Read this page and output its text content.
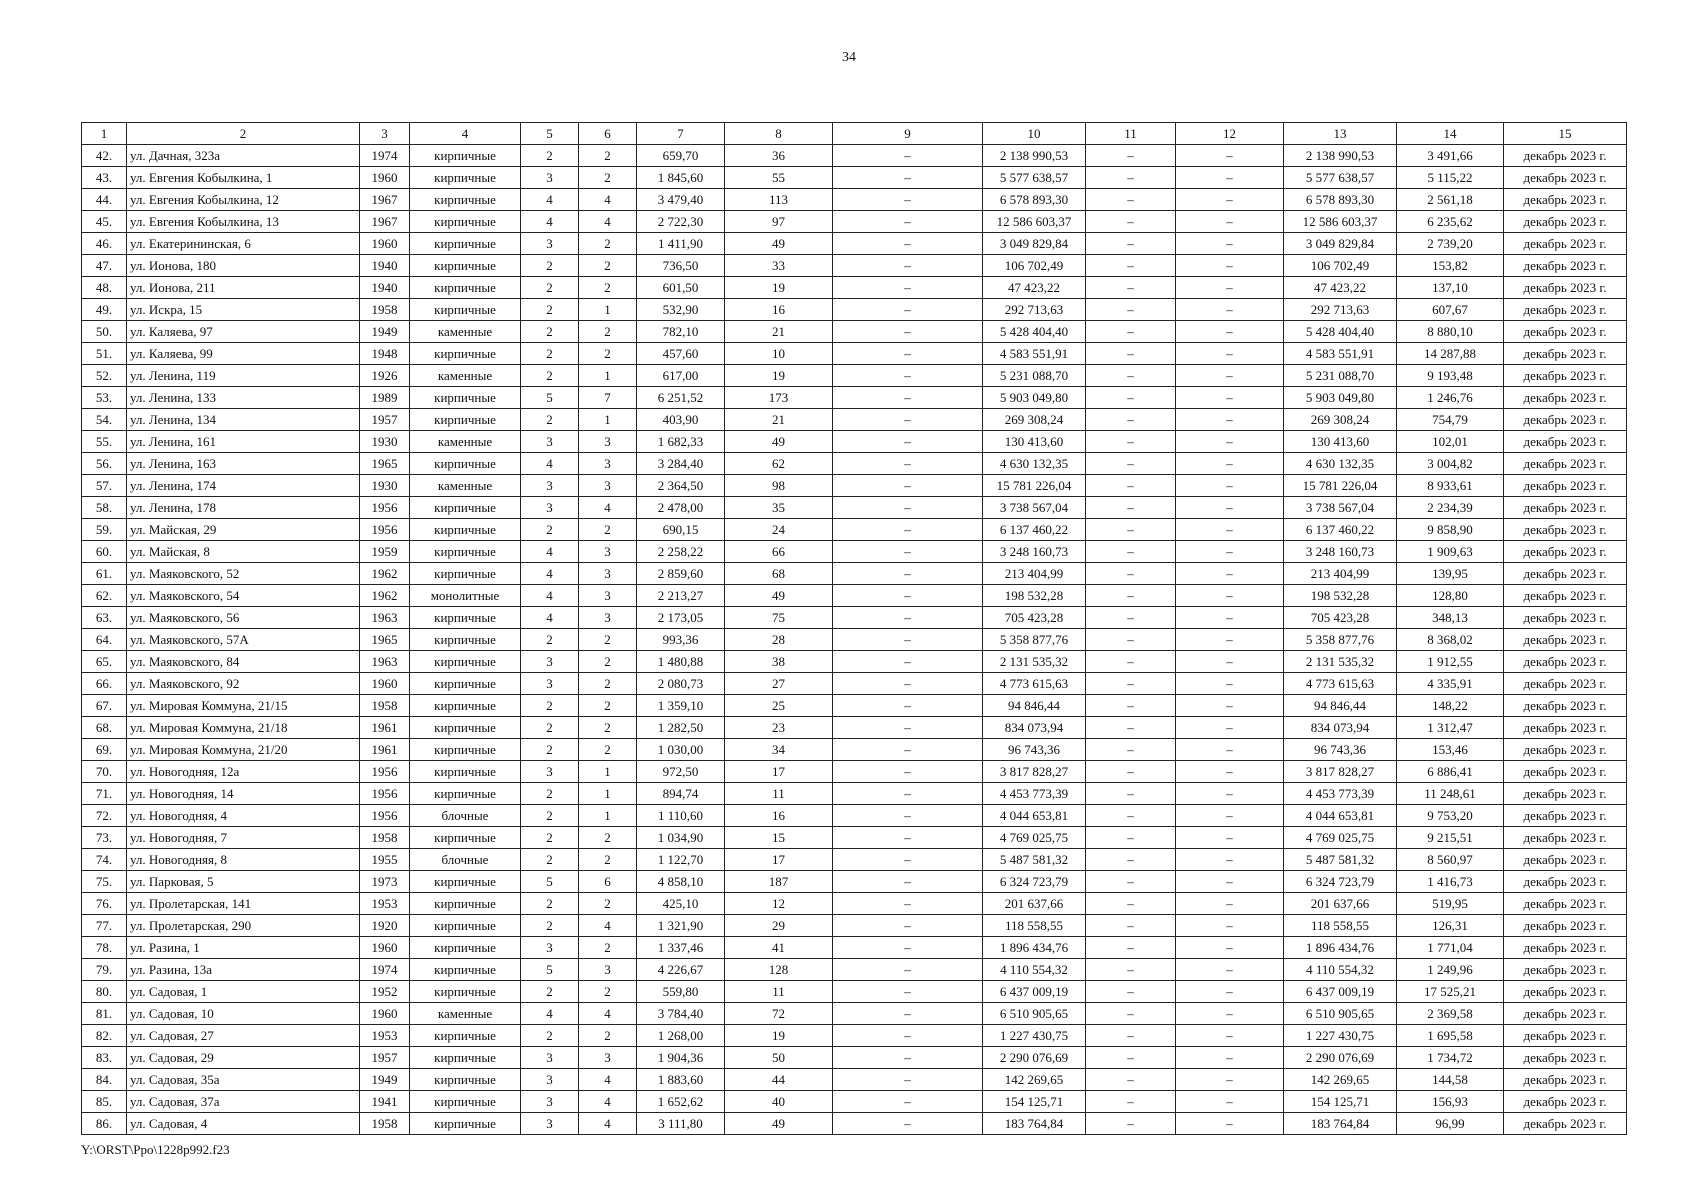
34
1	2	3	4	5	6	7	8	9	10	11	12	13	14	15
42.	ул. Дачная, 323а	1974	кирпичные	2	2	659,70	36	–	2 138 990,53	–	–	2 138 990,53	3 491,66	декабрь 2023 г.
43.	ул. Евгения Кобылкина, 1	1960	кирпичные	3	2	1 845,60	55	–	5 577 638,57	–	–	5 577 638,57	5 115,22	декабрь 2023 г.
44.	ул. Евгения Кобылкина, 12	1967	кирпичные	4	4	3 479,40	113	–	6 578 893,30	–	–	6 578 893,30	2 561,18	декабрь 2023 г.
45.	ул. Евгения Кобылкина, 13	1967	кирпичные	4	4	2 722,30	97	–	12 586 603,37	–	–	12 586 603,37	6 235,62	декабрь 2023 г.
46.	ул. Екатерининская, 6	1960	кирпичные	3	2	1 411,90	49	–	3 049 829,84	–	–	3 049 829,84	2 739,20	декабрь 2023 г.
47.	ул. Ионова, 180	1940	кирпичные	2	2	736,50	33	–	106 702,49	–	–	106 702,49	153,82	декабрь 2023 г.
48.	ул. Ионова, 211	1940	кирпичные	2	2	601,50	19	–	47 423,22	–	–	47 423,22	137,10	декабрь 2023 г.
49.	ул. Искра, 15	1958	кирпичные	2	1	532,90	16	–	292 713,63	–	–	292 713,63	607,67	декабрь 2023 г.
50.	ул. Каляева, 97	1949	каменные	2	2	782,10	21	–	5 428 404,40	–	–	5 428 404,40	8 880,10	декабрь 2023 г.
51.	ул. Каляева, 99	1948	кирпичные	2	2	457,60	10	–	4 583 551,91	–	–	4 583 551,91	14 287,88	декабрь 2023 г.
52.	ул. Ленина, 119	1926	каменные	2	1	617,00	19	–	5 231 088,70	–	–	5 231 088,70	9 193,48	декабрь 2023 г.
53.	ул. Ленина, 133	1989	кирпичные	5	7	6 251,52	173	–	5 903 049,80	–	–	5 903 049,80	1 246,76	декабрь 2023 г.
54.	ул. Ленина, 134	1957	кирпичные	2	1	403,90	21	–	269 308,24	–	–	269 308,24	754,79	декабрь 2023 г.
55.	ул. Ленина, 161	1930	каменные	3	3	1 682,33	49	–	130 413,60	–	–	130 413,60	102,01	декабрь 2023 г.
56.	ул. Ленина, 163	1965	кирпичные	4	3	3 284,40	62	–	4 630 132,35	–	–	4 630 132,35	3 004,82	декабрь 2023 г.
57.	ул. Ленина, 174	1930	каменные	3	3	2 364,50	98	–	15 781 226,04	–	–	15 781 226,04	8 933,61	декабрь 2023 г.
58.	ул. Ленина, 178	1956	кирпичные	3	4	2 478,00	35	–	3 738 567,04	–	–	3 738 567,04	2 234,39	декабрь 2023 г.
59.	ул. Майская, 29	1956	кирпичные	2	2	690,15	24	–	6 137 460,22	–	–	6 137 460,22	9 858,90	декабрь 2023 г.
60.	ул. Майская, 8	1959	кирпичные	4	3	2 258,22	66	–	3 248 160,73	–	–	3 248 160,73	1 909,63	декабрь 2023 г.
61.	ул. Маяковского, 52	1962	кирпичные	4	3	2 859,60	68	–	213 404,99	–	–	213 404,99	139,95	декабрь 2023 г.
62.	ул. Маяковского, 54	1962	монолитные	4	3	2 213,27	49	–	198 532,28	–	–	198 532,28	128,80	декабрь 2023 г.
63.	ул. Маяковского, 56	1963	кирпичные	4	3	2 173,05	75	–	705 423,28	–	–	705 423,28	348,13	декабрь 2023 г.
64.	ул. Маяковского, 57А	1965	кирпичные	2	2	993,36	28	–	5 358 877,76	–	–	5 358 877,76	8 368,02	декабрь 2023 г.
65.	ул. Маяковского, 84	1963	кирпичные	3	2	1 480,88	38	–	2 131 535,32	–	–	2 131 535,32	1 912,55	декабрь 2023 г.
66.	ул. Маяковского, 92	1960	кирпичные	3	2	2 080,73	27	–	4 773 615,63	–	–	4 773 615,63	4 335,91	декабрь 2023 г.
67.	ул. Мировая Коммуна, 21/15	1958	кирпичные	2	2	1 359,10	25	–	94 846,44	–	–	94 846,44	148,22	декабрь 2023 г.
68.	ул. Мировая Коммуна, 21/18	1961	кирпичные	2	2	1 282,50	23	–	834 073,94	–	–	834 073,94	1 312,47	декабрь 2023 г.
69.	ул. Мировая Коммуна, 21/20	1961	кирпичные	2	2	1 030,00	34	–	96 743,36	–	–	96 743,36	153,46	декабрь 2023 г.
70.	ул. Новогодняя, 12а	1956	кирпичные	3	1	972,50	17	–	3 817 828,27	–	–	3 817 828,27	6 886,41	декабрь 2023 г.
71.	ул. Новогодняя, 14	1956	кирпичные	2	1	894,74	11	–	4 453 773,39	–	–	4 453 773,39	11 248,61	декабрь 2023 г.
72.	ул. Новогодняя, 4	1956	блочные	2	1	1 110,60	16	–	4 044 653,81	–	–	4 044 653,81	9 753,20	декабрь 2023 г.
73.	ул. Новогодняя, 7	1958	кирпичные	2	2	1 034,90	15	–	4 769 025,75	–	–	4 769 025,75	9 215,51	декабрь 2023 г.
74.	ул. Новогодняя, 8	1955	блочные	2	2	1 122,70	17	–	5 487 581,32	–	–	5 487 581,32	8 560,97	декабрь 2023 г.
75.	ул. Парковая, 5	1973	кирпичные	5	6	4 858,10	187	–	6 324 723,79	–	–	6 324 723,79	1 416,73	декабрь 2023 г.
76.	ул. Пролетарская, 141	1953	кирпичные	2	2	425,10	12	–	201 637,66	–	–	201 637,66	519,95	декабрь 2023 г.
77.	ул. Пролетарская, 290	1920	кирпичные	2	4	1 321,90	29	–	118 558,55	–	–	118 558,55	126,31	декабрь 2023 г.
78.	ул. Разина, 1	1960	кирпичные	3	2	1 337,46	41	–	1 896 434,76	–	–	1 896 434,76	1 771,04	декабрь 2023 г.
79.	ул. Разина, 13а	1974	кирпичные	5	3	4 226,67	128	–	4 110 554,32	–	–	4 110 554,32	1 249,96	декабрь 2023 г.
80.	ул. Садовая, 1	1952	кирпичные	2	2	559,80	11	–	6 437 009,19	–	–	6 437 009,19	17 525,21	декабрь 2023 г.
81.	ул. Садовая, 10	1960	каменные	4	4	3 784,40	72	–	6 510 905,65	–	–	6 510 905,65	2 369,58	декабрь 2023 г.
82.	ул. Садовая, 27	1953	кирпичные	2	2	1 268,00	19	–	1 227 430,75	–	–	1 227 430,75	1 695,58	декабрь 2023 г.
83.	ул. Садовая, 29	1957	кирпичные	3	3	1 904,36	50	–	2 290 076,69	–	–	2 290 076,69	1 734,72	декабрь 2023 г.
84.	ул. Садовая, 35а	1949	кирпичные	3	4	1 883,60	44	–	142 269,65	–	–	142 269,65	144,58	декабрь 2023 г.
85.	ул. Садовая, 37а	1941	кирпичные	3	4	1 652,62	40	–	154 125,71	–	–	154 125,71	156,93	декабрь 2023 г.
86.	ул. Садовая, 4	1958	кирпичные	3	4	3 111,80	49	–	183 764,84	–	–	183 764,84	96,99	декабрь 2023 г.
Y:\ORST\Ppo\1228p992.f23
